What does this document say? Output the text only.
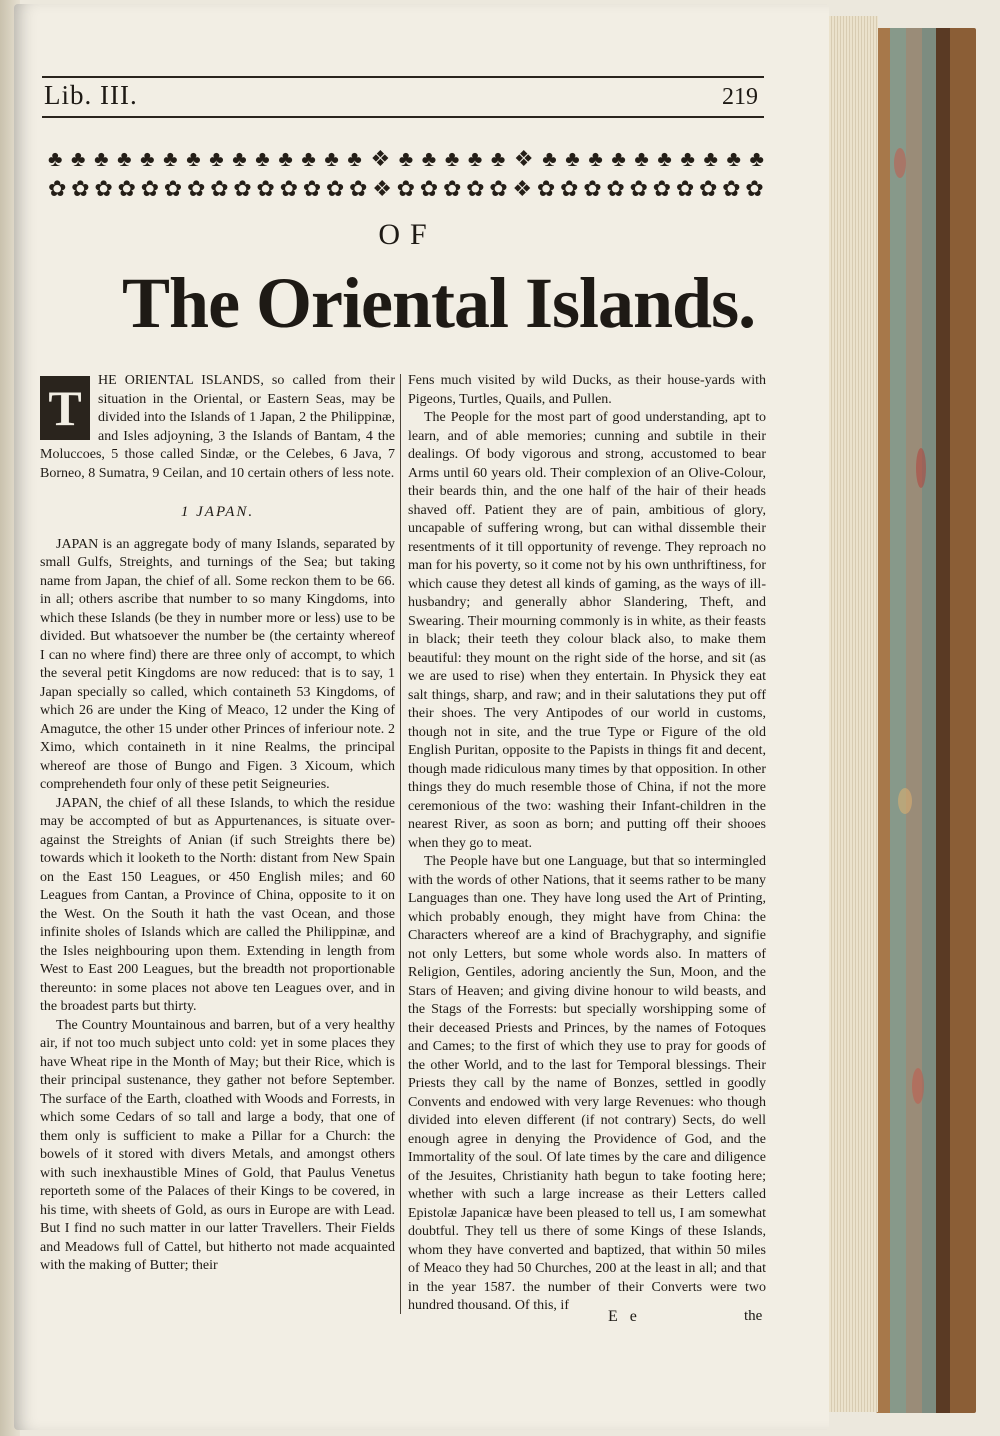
Lib. III.	219
♣ ♣ ♣ ♣ ♣ ♣ ♣ ♣ ♣ ♣ ♣ ♣ ♣ ♣ ❖ ♣ ♣ ♣ ♣ ♣ ❖ ♣ ♣ ♣ ♣ ♣ ♣ ♣ ♣ ♣ ♣
✿ ✿ ✿ ✿ ✿ ✿ ✿ ✿ ✿ ✿ ✿ ✿ ✿ ✿ ❖ ✿ ✿ ✿ ✿ ✿ ❖ ✿ ✿ ✿ ✿ ✿ ✿ ✿ ✿ ✿ ✿
OF
The Oriental Islands.

T	HE ORIENTAL ISLANDS, so called from their situation in the Oriental, or Eastern Seas, may be divided into the Islands of 1 Japan, 2 the Philippinæ, and Isles adjoyning, 3 the Islands of Bantam, 4 the Moluccoes, 5 those called Sindæ, or the Celebes, 6 Java, 7 Borneo, 8 Sumatra, 9 Ceilan, and 10 certain others of less note.

1 JAPAN.

JAPAN is an aggregate body of many Islands, separated by small Gulfs, Streights, and turnings of the Sea; but taking name from Japan, the chief of all. Some reckon them to be 66. in all; others ascribe that number to so many Kingdoms, into which these Islands (be they in number more or less) use to be divided. But whatsoever the number be (the certainty whereof I can no where find) there are three only of accompt, to which the several petit Kingdoms are now reduced: that is to say, 1 Japan specially so called, which containeth 53 Kingdoms, of which 26 are under the King of Meaco, 12 under the King of Amagutce, the other 15 under other Princes of inferiour note. 2 Ximo, which containeth in it nine Realms, the principal whereof are those of Bungo and Figen. 3 Xicoum, which comprehendeth four only of these petit Seigneuries.

JAPAN, the chief of all these Islands, to which the residue may be accompted of but as Appurtenances, is situate over-against the Streights of Anian (if such Streights there be) towards which it looketh to the North: distant from New Spain on the East 150 Leagues, or 450 English miles; and 60 Leagues from Cantan, a Province of China, opposite to it on the West. On the South it hath the vast Ocean, and those infinite sholes of Islands which are called the Philippinæ, and the Isles neighbouring upon them. Extending in length from West to East 200 Leagues, but the breadth not proportionable thereunto: in some places not above ten Leagues over, and in the broadest parts but thirty.

The Country Mountainous and barren, but of a very healthy air, if not too much subject unto cold: yet in some places they have Wheat ripe in the Month of May; but their Rice, which is their principal sustenance, they gather not before September. The surface of the Earth, cloathed with Woods and Forrests, in which some Cedars of so tall and large a body, that one of them only is sufficient to make a Pillar for a Church: the bowels of it stored with divers Metals, and amongst others with such inexhaustible Mines of Gold, that Paulus Venetus reporteth some of the Palaces of their Kings to be covered, in his time, with sheets of Gold, as ours in Europe are with Lead. But I find no such matter in our latter Travellers. Their Fields and Meadows full of Cattel, but hitherto not made acquainted with the making of Butter; their

Fens much visited by wild Ducks, as their house-yards with Pigeons, Turtles, Quails, and Pullen.

The People for the most part of good understanding, apt to learn, and of able memories; cunning and subtile in their dealings. Of body vigorous and strong, accustomed to bear Arms until 60 years old. Their complexion of an Olive-Colour, their beards thin, and the one half of the hair of their heads shaved off. Patient they are of pain, ambitious of glory, uncapable of suffering wrong, but can withal dissemble their resentments of it till opportunity of revenge. They reproach no man for his poverty, so it come not by his own unthriftiness, for which cause they detest all kinds of gaming, as the ways of ill-husbandry; and generally abhor Slandering, Theft, and Swearing. Their mourning commonly is in white, as their feasts in black; their teeth they colour black also, to make them beautiful: they mount on the right side of the horse, and sit (as we are used to rise) when they entertain. In Physick they eat salt things, sharp, and raw; and in their salutations they put off their shoes. The very Antipodes of our world in customs, though not in site, and the true Type or Figure of the old English Puritan, opposite to the Papists in things fit and decent, though made ridiculous many times by that opposition. In other things they do much resemble those of China, if not the more ceremonious of the two: washing their Infant-children in the nearest River, as soon as born; and putting off their shooes when they go to meat.

The People have but one Language, but that so intermingled with the words of other Nations, that it seems rather to be many Languages than one. They have long used the Art of Printing, which probably enough, they might have from China: the Characters whereof are a kind of Brachygraphy, and signifie not only Letters, but some whole words also. In matters of Religion, Gentiles, adoring anciently the Sun, Moon, and the Stars of Heaven; and giving divine honour to wild beasts, and the Stags of the Forrests: but specially worshipping some of their deceased Priests and Princes, by the names of Fotoques and Cames; to the first of which they use to pray for goods of the other World, and to the last for Temporal blessings. Their Priests they call by the name of Bonzes, settled in goodly Convents and endowed with very large Revenues: who though divided into eleven different (if not contrary) Sects, do well enough agree in denying the Providence of God, and the Immortality of the soul. Of late times by the care and diligence of the Jesuites, Christianity hath begun to take footing here; whether with such a large increase as their Letters called Epistolæ Japanicæ have been pleased to tell us, I am somewhat doubtful. They tell us there of some Kings of these Islands, whom they have converted and baptized, that within 50 miles of Meaco they had 50 Churches, 200 at the least in all; and that in the year 1587. the number of their Converts were two hundred thousand. Of this, if

E e	the
